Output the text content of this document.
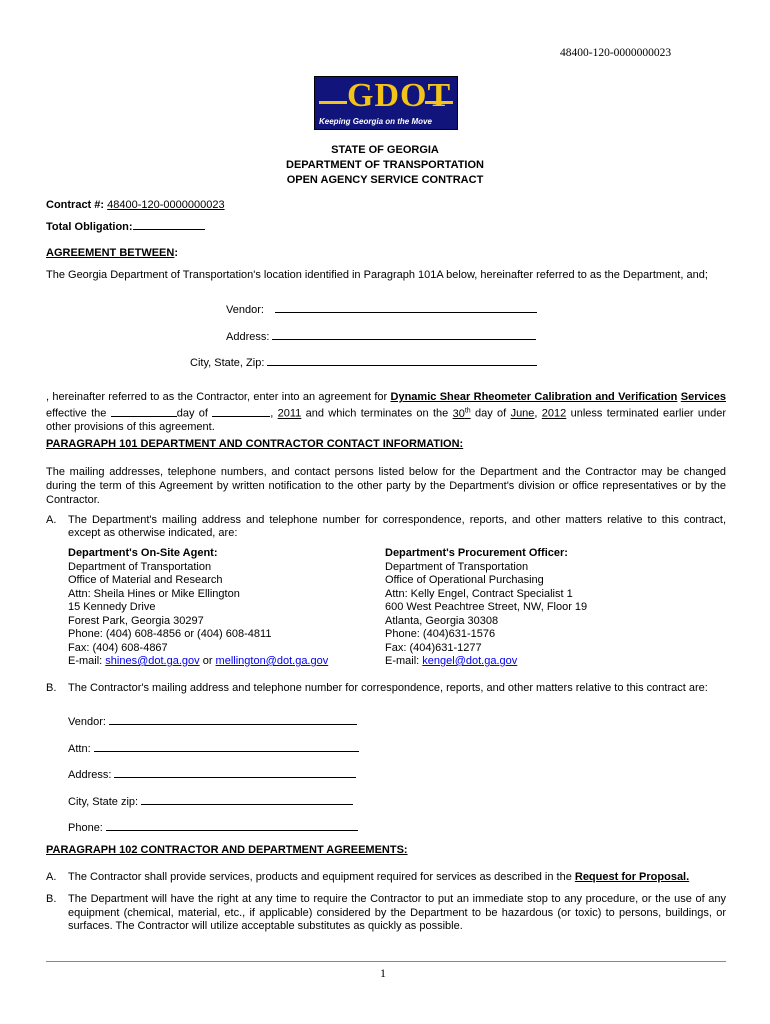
48400-120-0000000023
GDOT
Keeping Georgia on the Move
STATE OF GEORGIA
DEPARTMENT OF TRANSPORTATION
OPEN AGENCY SERVICE CONTRACT
Contract #: 48400-120-0000000023
Total Obligation:
AGREEMENT BETWEEN:
The Georgia Department of Transportation's location identified in Paragraph 101A below, hereinafter referred to as the Department, and;
Vendor:
Address:
City, State, Zip:
, hereinafter referred to as the Contractor, enter into an agreement for Dynamic Shear Rheometer Calibration and Verification Services effective the	day of	, 2011 and which terminates on the 30th day of June, 2012 unless terminated earlier under other provisions of this agreement.
PARAGRAPH 101 DEPARTMENT AND CONTRACTOR CONTACT INFORMATION:
The mailing addresses, telephone numbers, and contact persons listed below for the Department and the Contractor may be changed during the term of this Agreement by written notification to the other party by the Department's division or office representatives or by the Contractor.
A. The Department's mailing address and telephone number for correspondence, reports, and other matters relative to this contract, except as otherwise indicated, are:
Department's On-Site Agent:
Department of Transportation
Office of Material and Research
Attn: Sheila Hines or Mike Ellington
15 Kennedy Drive
Forest Park, Georgia 30297
Phone: (404) 608-4856 or (404) 608-4811
Fax: (404) 608-4867
E-mail: shines@dot.ga.gov or mellington@dot.ga.gov
Department's Procurement Officer:
Department of Transportation
Office of Operational Purchasing
Attn: Kelly Engel, Contract Specialist 1
600 West Peachtree Street, NW, Floor 19
Atlanta, Georgia 30308
Phone: (404)631-1576
Fax: (404)631-1277
E-mail: kengel@dot.ga.gov
B. The Contractor's mailing address and telephone number for correspondence, reports, and other matters relative to this contract are:
Vendor:
Attn:
Address:
City, State zip:
Phone:
PARAGRAPH 102 CONTRACTOR AND DEPARTMENT AGREEMENTS:
A. The Contractor shall provide services, products and equipment required for services as described in the Request for Proposal.
B. The Department will have the right at any time to require the Contractor to put an immediate stop to any procedure, or the use of any equipment (chemical, material, etc., if applicable) considered by the Department to be hazardous (or toxic) to persons, buildings, or surfaces. The Contractor will utilize acceptable substitutes as quickly as possible.
1
